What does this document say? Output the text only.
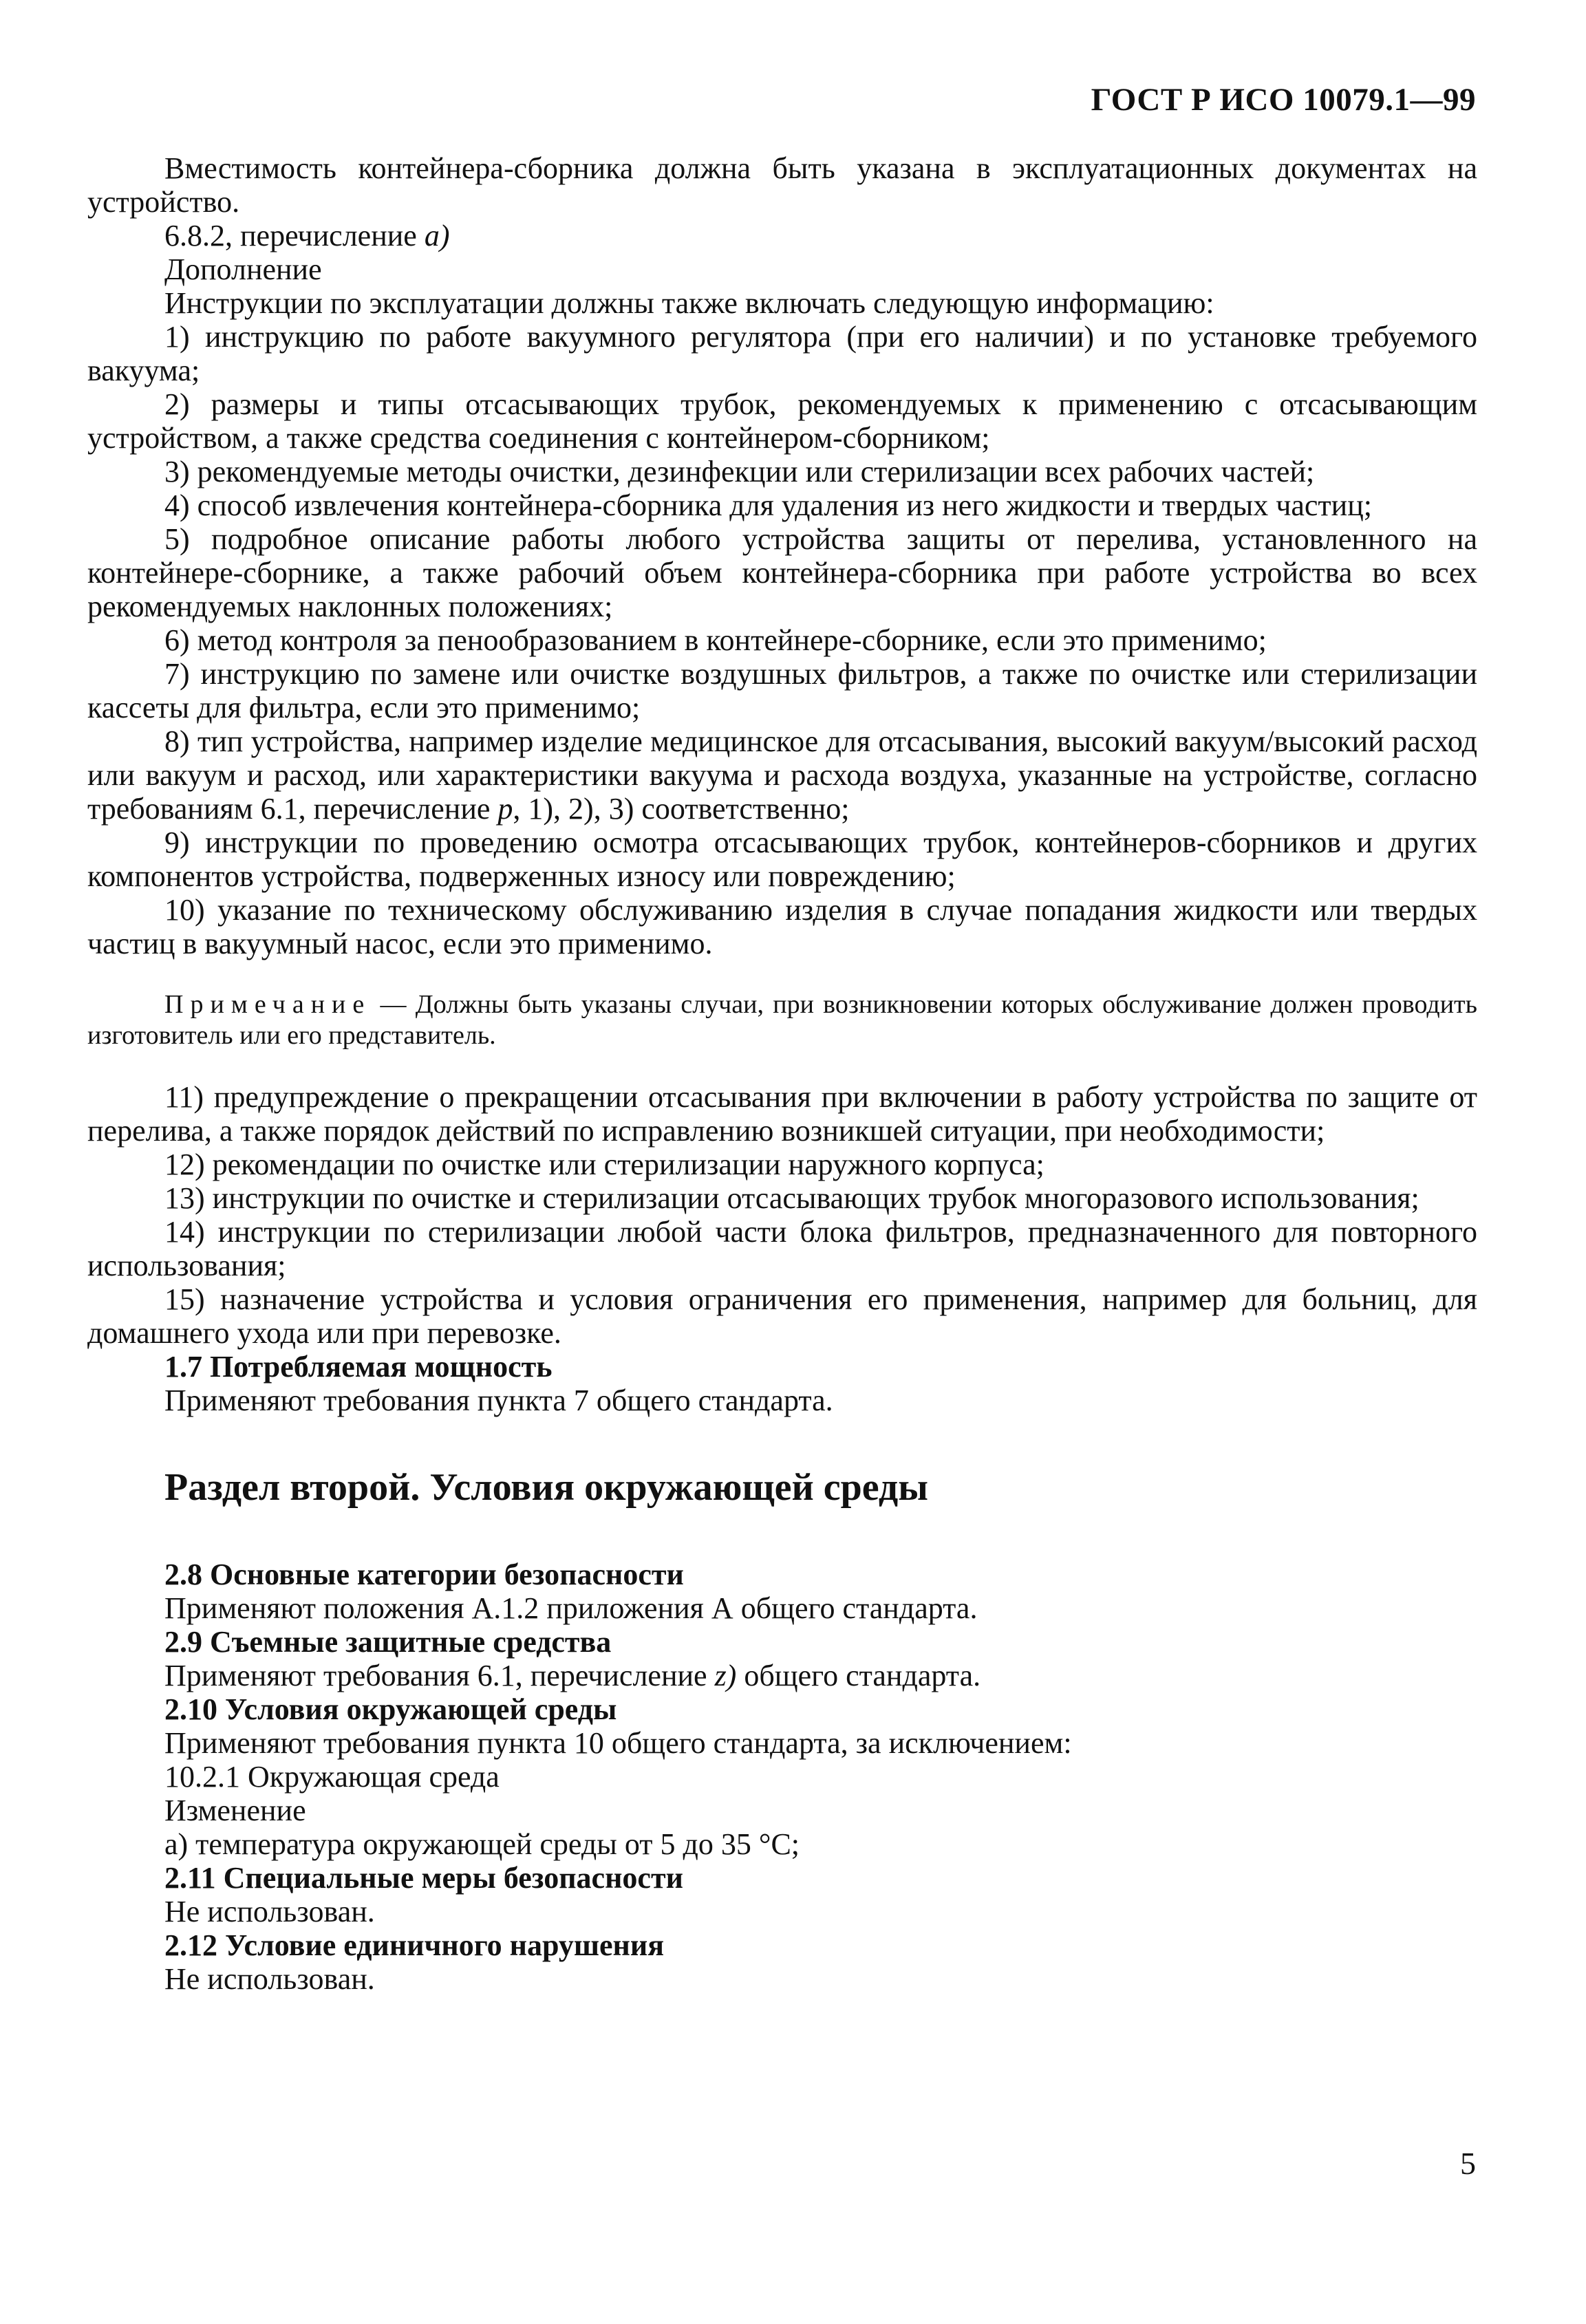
ГОСТ Р ИСО 10079.1—99

Вместимость контейнера-сборника должна быть указана в эксплуатационных документах на устройство.

6.8.2, перечисление а)

Дополнение

Инструкции по эксплуатации должны также включать следующую информацию:

1) инструкцию по работе вакуумного регулятора (при его наличии) и по установке требуемого вакуума;

2) размеры и типы отсасывающих трубок, рекомендуемых к применению с отсасывающим устройством, а также средства соединения с контейнером-сборником;

3) рекомендуемые методы очистки, дезинфекции или стерилизации всех рабочих частей;

4) способ извлечения контейнера-сборника для удаления из него жидкости и твердых частиц;

5) подробное описание работы любого устройства защиты от перелива, установленного на контейнере-сборнике, а также рабочий объем контейнера-сборника при работе устройства во всех рекомендуемых наклонных положениях;

6) метод контроля за пенообразованием в контейнере-сборнике, если это применимо;

7) инструкцию по замене или очистке воздушных фильтров, а также по очистке или стерилизации кассеты для фильтра, если это применимо;

8) тип устройства, например изделие медицинское для отсасывания, высокий вакуум/высокий расход или вакуум и расход, или характеристики вакуума и расхода воздуха, указанные на устройстве, согласно требованиям 6.1, перечисление р, 1), 2), 3) соответственно;

9) инструкции по проведению осмотра отсасывающих трубок, контейнеров-сборников и других компонентов устройства, подверженных износу или повреждению;

10) указание по техническому обслуживанию изделия в случае попадания жидкости или твердых частиц в вакуумный насос, если это применимо.

Примечание — Должны быть указаны случаи, при возникновении которых обслуживание должен проводить изготовитель или его представитель.

11) предупреждение о прекращении отсасывания при включении в работу устройства по защите от перелива, а также порядок действий по исправлению возникшей ситуации, при необходимости;

12) рекомендации по очистке или стерилизации наружного корпуса;

13) инструкции по очистке и стерилизации отсасывающих трубок многоразового использования;

14) инструкции по стерилизации любой части блока фильтров, предназначенного для повторного использования;

15) назначение устройства и условия ограничения его применения, например для больниц, для домашнего ухода или при перевозке.

1.7 Потребляемая мощность

Применяют требования пункта 7 общего стандарта.

Раздел второй. Условия окружающей среды

2.8 Основные категории безопасности

Применяют положения А.1.2 приложения А общего стандарта.

2.9 Съемные защитные средства

Применяют требования 6.1, перечисление z) общего стандарта.

2.10 Условия окружающей среды

Применяют требования пункта 10 общего стандарта, за исключением:

10.2.1 Окружающая среда

Изменение

а) температура окружающей среды от 5 до 35 °С;

2.11 Специальные меры безопасности

Не использован.

2.12 Условие единичного нарушения

Не использован.

5
